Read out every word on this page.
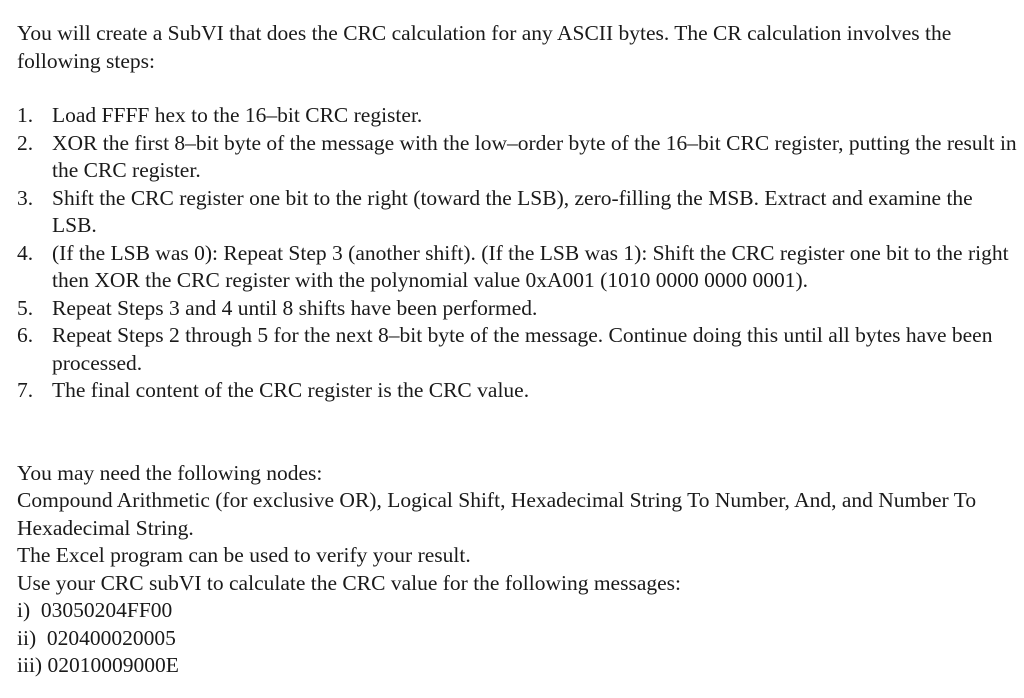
You will create a SubVI that does the CRC calculation for any ASCII bytes. The CR calculation involves the following steps:

1. Load FFFF hex to the 16–bit CRC register.
2. XOR the first 8–bit byte of the message with the low–order byte of the 16–bit CRC register, putting the result in the CRC register.
3. Shift the CRC register one bit to the right (toward the LSB), zero-filling the MSB. Extract and examine the LSB.
4. (If the LSB was 0): Repeat Step 3 (another shift). (If the LSB was 1): Shift the CRC register one bit to the right then XOR the CRC register with the polynomial value 0xA001 (1010 0000 0000 0001).
5. Repeat Steps 3 and 4 until 8 shifts have been performed.
6. Repeat Steps 2 through 5 for the next 8–bit byte of the message. Continue doing this until all bytes have been processed.
7. The final content of the CRC register is the CRC value.

You may need the following nodes:

Compound Arithmetic (for exclusive OR), Logical Shift, Hexadecimal String To Number, And, and Number To Hexadecimal String.

The Excel program can be used to verify your result.

Use your CRC subVI to calculate the CRC value for the following messages:

i)
03050204FF00
ii)
020400020005
iii)
02010009000E
